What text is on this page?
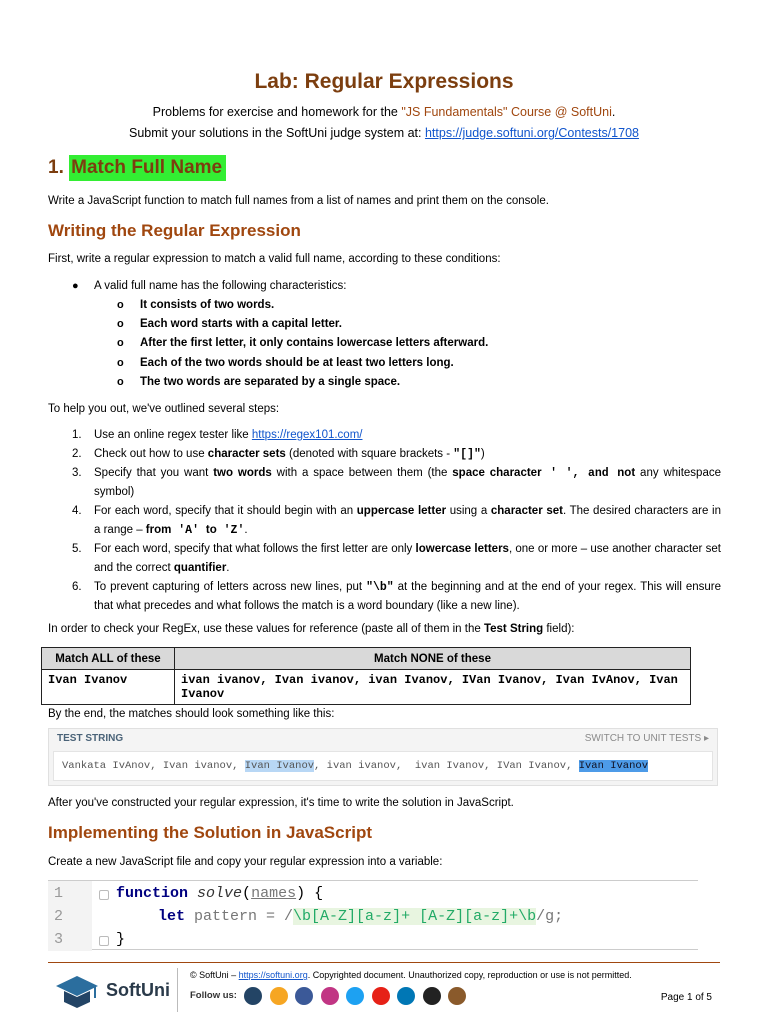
Lab: Regular Expressions
Problems for exercise and homework for the "JS Fundamentals" Course @ SoftUni.
Submit your solutions in the SoftUni judge system at: https://judge.softuni.org/Contests/1708
1. Match Full Name
Write a JavaScript function to match full names from a list of names and print them on the console.
Writing the Regular Expression
First, write a regular expression to match a valid full name, according to these conditions:
● A valid full name has the following characteristics:
o It consists of two words.
o Each word starts with a capital letter.
o After the first letter, it only contains lowercase letters afterward.
o Each of the two words should be at least two letters long.
o The two words are separated by a single space.
To help you out, we've outlined several steps:
1. Use an online regex tester like https://regex101.com/
2. Check out how to use character sets (denoted with square brackets - "[]")
3. Specify that you want two words with a space between them (the space character ' ', and not any whitespace symbol)
4. For each word, specify that it should begin with an uppercase letter using a character set. The desired characters are in a range – from 'A' to 'Z'.
5. For each word, specify that what follows the first letter are only lowercase letters, one or more – use another character set and the correct quantifier.
6. To prevent capturing of letters across new lines, put "\b" at the beginning and at the end of your regex. This will ensure that what precedes and what follows the match is a word boundary (like a new line).
In order to check your RegEx, use these values for reference (paste all of them in the Test String field):
Match ALL of these	Match NONE of these
Ivan Ivanov	ivan ivanov, Ivan ivanov, ivan Ivanov, IVan Ivanov, Ivan IvAnov, Ivan Ivanov
By the end, the matches should look something like this:
TEST STRING	SWITCH TO UNIT TESTS ▸
Vankata IvAnov, Ivan ivanov, Ivan Ivanov, ivan ivanov,  ivan Ivanov, IVan Ivanov, Ivan Ivanov
After you've constructed your regular expression, it's time to write the solution in JavaScript.
Implementing the Solution in JavaScript
Create a new JavaScript file and copy your regular expression into a variable:
1
2
3
function solve(names) {
let pattern = /\b[A-Z][a-z]+ [A-Z][a-z]+\b/g;
}
SoftUni
© SoftUni – https://softuni.org. Copyrighted document. Unauthorized copy, reproduction or use is not permitted.
Follow us:	Page 1 of 5
